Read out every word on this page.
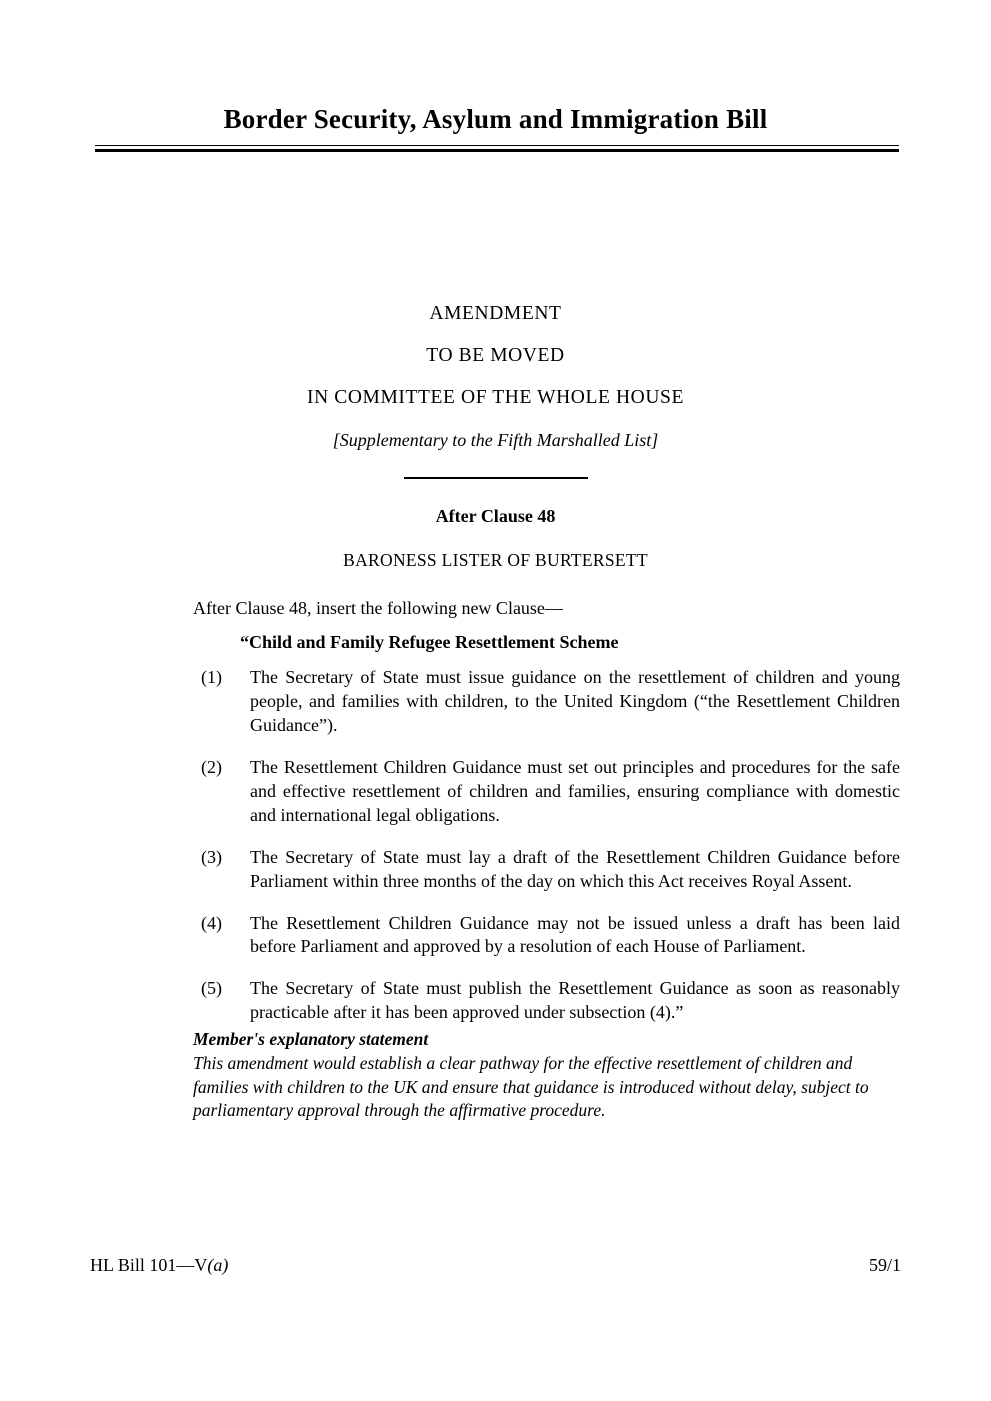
Border Security, Asylum and Immigration Bill
AMENDMENT
TO BE MOVED
IN COMMITTEE OF THE WHOLE HOUSE
[Supplementary to the Fifth Marshalled List]
After Clause 48
BARONESS LISTER OF BURTERSETT
After Clause 48, insert the following new Clause—
“Child and Family Refugee Resettlement Scheme
(1) The Secretary of State must issue guidance on the resettlement of children and young people, and families with children, to the United Kingdom (“the Resettlement Children Guidance”).
(2) The Resettlement Children Guidance must set out principles and procedures for the safe and effective resettlement of children and families, ensuring compliance with domestic and international legal obligations.
(3) The Secretary of State must lay a draft of the Resettlement Children Guidance before Parliament within three months of the day on which this Act receives Royal Assent.
(4) The Resettlement Children Guidance may not be issued unless a draft has been laid before Parliament and approved by a resolution of each House of Parliament.
(5) The Secretary of State must publish the Resettlement Guidance as soon as reasonably practicable after it has been approved under subsection (4).”
Member's explanatory statement
This amendment would establish a clear pathway for the effective resettlement of children and families with children to the UK and ensure that guidance is introduced without delay, subject to parliamentary approval through the affirmative procedure.
HL Bill 101—V(a)	59/1
